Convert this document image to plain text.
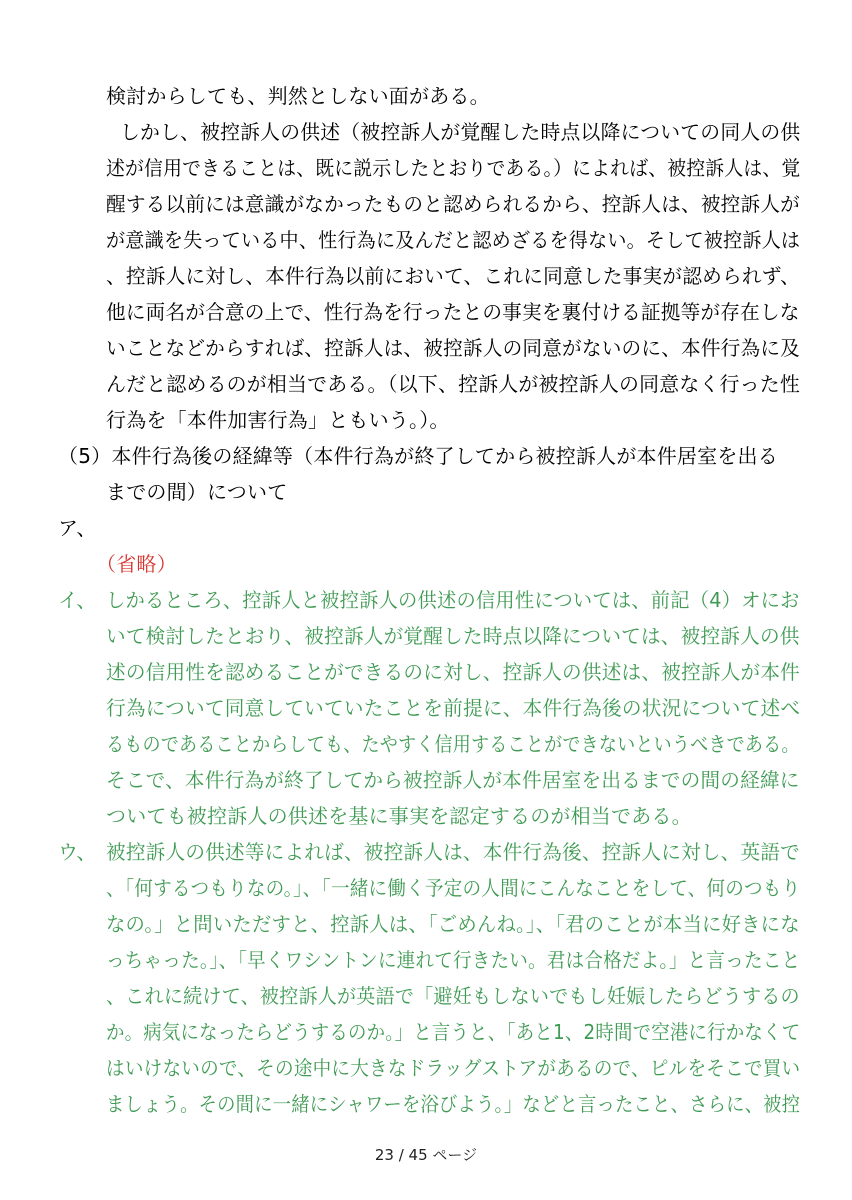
検討からしても、判然としない面がある。
しかし、被控訴人の供述（被控訴人が覚醒した時点以降についての同人の供
述が信用できることは、既に説示したとおりである。）によれば、被控訴人は、覚
醒する以前には意識がなかったものと認められるから、控訴人は、被控訴人が
が意識を失っている中、性行為に及んだと認めざるを得ない。そして被控訴人は
、控訴人に対し、本件行為以前において、これに同意した事実が認められず、
他に両名が合意の上で、性行為を行ったとの事実を裏付ける証拠等が存在しな
いことなどからすれば、控訴人は、被控訴人の同意がないのに、本件行為に及
んだと認めるのが相当である。（以下、控訴人が被控訴人の同意なく行った性
行為を「本件加害行為」ともいう。）。
（5）本件行為後の経緯等（本件行為が終了してから被控訴人が本件居室を出る
までの間）について
ア、
（省略）
イ、 しかるところ、控訴人と被控訴人の供述の信用性については、前記（4）オにお
いて検討したとおり、被控訴人が覚醒した時点以降については、被控訴人の供
述の信用性を認めることができるのに対し、控訴人の供述は、被控訴人が本件
行為について同意していていたことを前提に、本件行為後の状況について述べ
るものであることからしても、たやすく信用することができないというべきである。
そこで、本件行為が終了してから被控訴人が本件居室を出るまでの間の経緯に
ついても被控訴人の供述を基に事実を認定するのが相当である。
ウ、 被控訴人の供述等によれば、被控訴人は、本件行為後、控訴人に対し、英語で
、「何するつもりなの。」、「一緒に働く予定の人間にこんなことをして、何のつもり
なの。」と問いただすと、控訴人は、「ごめんね。」、「君のことが本当に好きにな
っちゃった。」、「早くワシントンに連れて行きたい。君は合格だよ。」と言ったこと
、これに続けて、被控訴人が英語で「避妊もしないでもし妊娠したらどうするの
か。病気になったらどうするのか。」と言うと、「あと1、2時間で空港に行かなくて
はいけないので、その途中に大きなドラッグストアがあるので、ピルをそこで買い
ましょう。その間に一緒にシャワーを浴びよう。」などと言ったこと、さらに、被控
23 / 45 ページ
